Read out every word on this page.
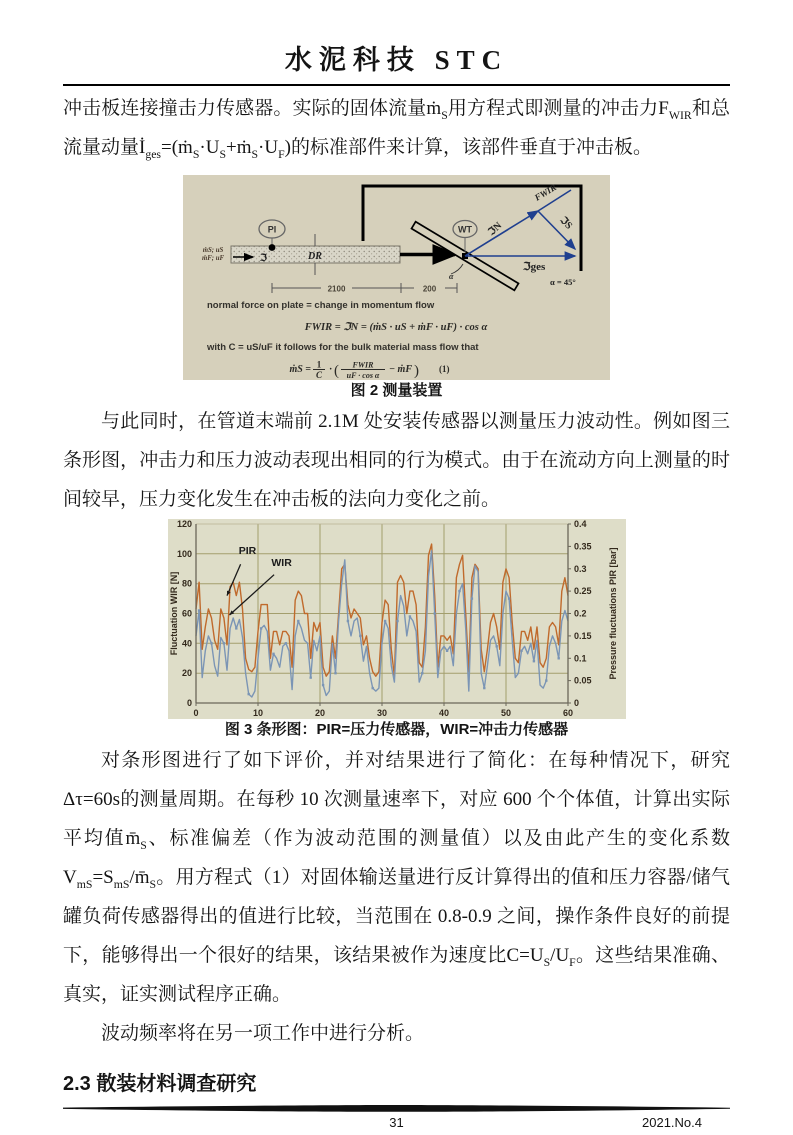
水泥科技 STC

冲击板连接撞击力传感器。实际的固体流量ṁ$_S$用方程式即测量的冲击力$F_{WIR}$和总流量动量$İ_{ges}=(ṁ_S\cdot U_S+ṁ_S\cdot U_F)$的标准部件来计算，该部件垂直于冲击板。

DR
ṁS; uS
ṁF; uF	ℑ
PI	WT
2100	200
FWIR
ℑN	ℑS
ℑges
α
α = 45°
normal force on plate = change in momentum flow
FWIR = ℑN = (ṁS · uS + ṁF · uF) · cos α
with C = uS/uF it follows for the bulk material mass flow that
ṁS = 1
C · ( FWIR
uF · cos α
− ṁF ) (1)
图 2 测量装置

与此同时，在管道末端前 2.1M 处安装传感器以测量压力波动性。例如图三条形图，冲击力和压力波动表现出相同的行为模式。由于在流动方向上测量的时间较早，压力变化发生在冲击板的法向力变化之前。

0
20
40
60
80
100
120
0
0.05
0.1
0.15
0.2
0.25
0.3
0.35
0.4
0	10	20	30	40	50	60
Fluctuation WIR [N]	Pressure fluctuations PIR [bar]
PIR
WIR
图 3 条形图：PIR=压力传感器，WIR=冲击力传感器

对条形图进行了如下评价，并对结果进行了简化：在每种情况下，研究Δτ=60s的测量周期。在每秒 10 次测量速率下，对应 600 个个体值，计算出实际平均值$m̄_S$、标准偏差（作为波动范围的测量值）以及由此产生的变化系数$V_{mS}=S_{mS}/m̄_S$。用方程式（1）对固体输送量进行反计算得出的值和压力容器/储气罐负荷传感器得出的值进行比较，当范围在 0.8-0.9 之间，操作条件良好的前提下，能够得出一个很好的结果，该结果被作为速度比$C=U_S/U_F$。这些结果准确、真实，证实测试程序正确。

波动频率将在另一项工作中进行分析。

2.3 散装材料调查研究
31	2021.No.4
